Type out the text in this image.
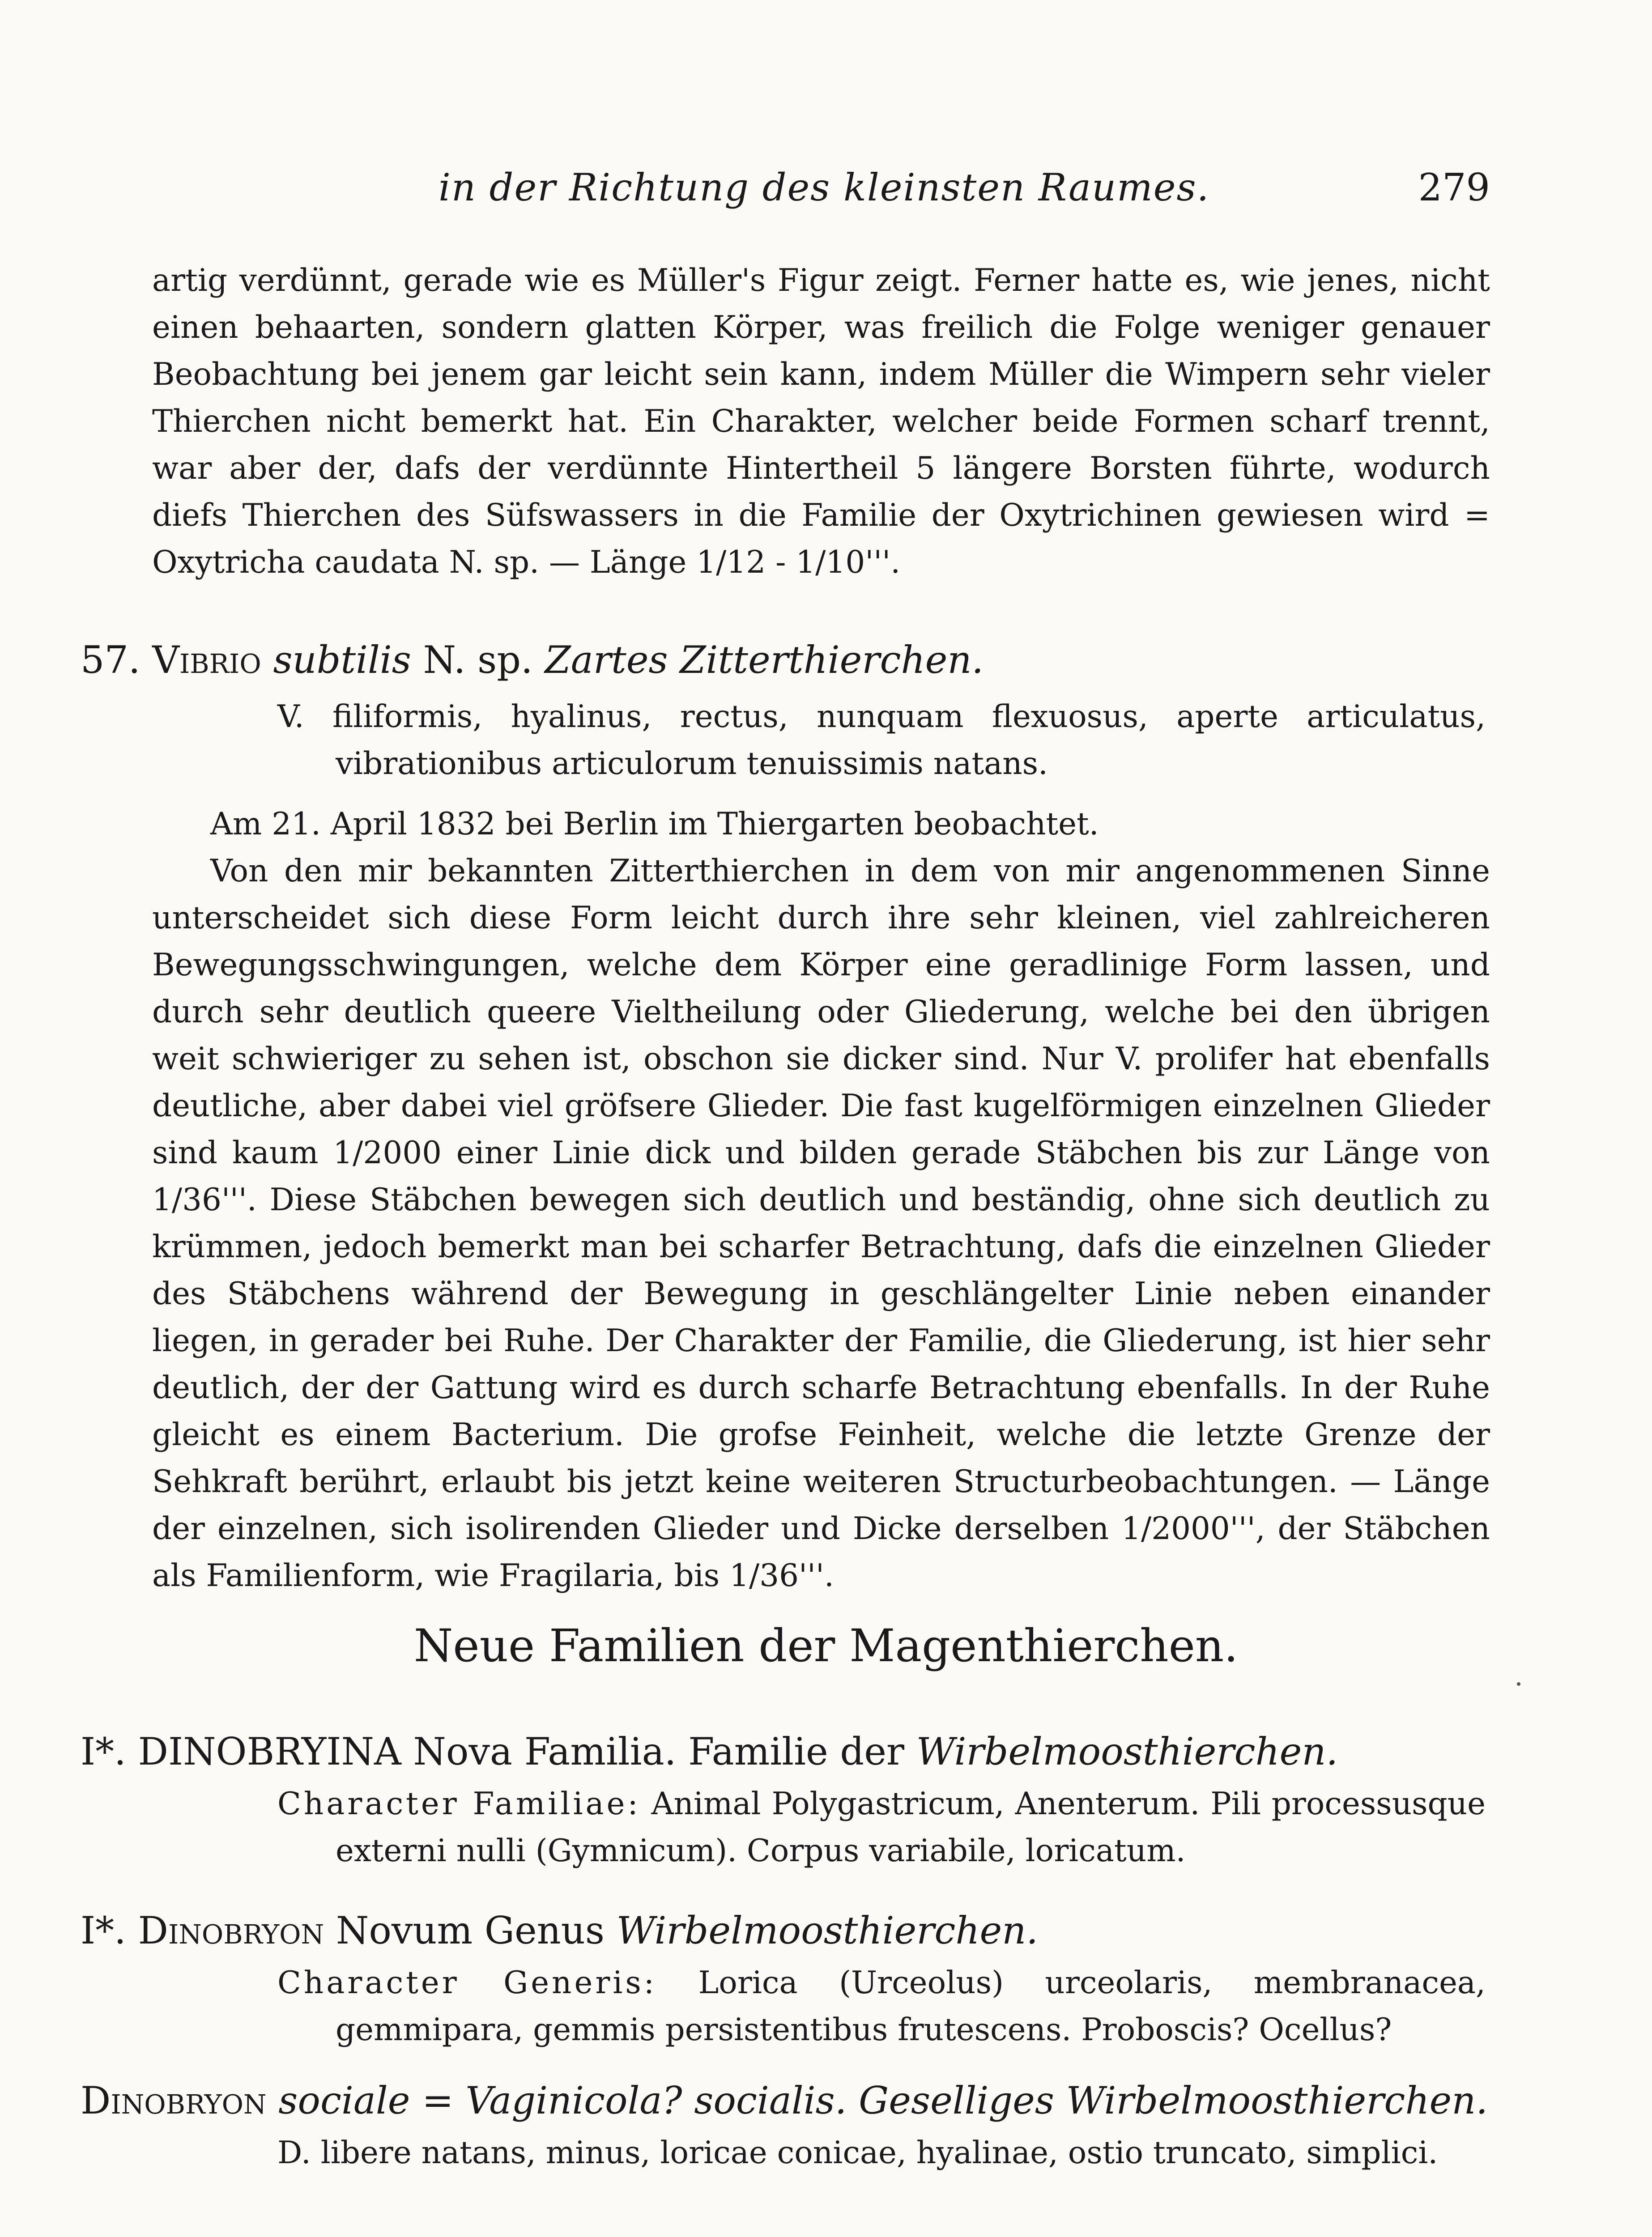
in der Richtung des kleinsten Raumes.	279

artig verdünnt, gerade wie es Müller's Figur zeigt. Ferner hatte es, wie jenes, nicht einen behaarten, sondern glatten Körper, was freilich die Folge weniger genauer Beobachtung bei jenem gar leicht sein kann, indem Müller die Wimpern sehr vieler Thierchen nicht bemerkt hat. Ein Charakter, welcher beide Formen scharf trennt, war aber der, dafs der verdünnte Hintertheil 5 längere Borsten führte, wodurch diefs Thierchen des Süfswassers in die Familie der Oxytrichinen gewiesen wird = Oxytricha caudata N. sp. — Länge 1/12 - 1/10'''.

57. Vibrio subtilis N. sp. Zartes Zitterthierchen.

V. filiformis, hyalinus, rectus, nunquam flexuosus, aperte articulatus, vibrationibus articulorum tenuissimis natans.

Am 21. April 1832 bei Berlin im Thiergarten beobachtet.

Von den mir bekannten Zitterthierchen in dem von mir angenommenen Sinne unterscheidet sich diese Form leicht durch ihre sehr kleinen, viel zahlreicheren Bewegungsschwingungen, welche dem Körper eine geradlinige Form lassen, und durch sehr deutlich queere Vieltheilung oder Gliederung, welche bei den übrigen weit schwieriger zu sehen ist, obschon sie dicker sind. Nur V. prolifer hat ebenfalls deutliche, aber dabei viel gröfsere Glieder. Die fast kugelförmigen einzelnen Glieder sind kaum 1/2000 einer Linie dick und bilden gerade Stäbchen bis zur Länge von 1/36'''. Diese Stäbchen bewegen sich deutlich und beständig, ohne sich deutlich zu krümmen, jedoch bemerkt man bei scharfer Betrachtung, dafs die einzelnen Glieder des Stäbchens während der Bewegung in geschlängelter Linie neben einander liegen, in gerader bei Ruhe. Der Charakter der Familie, die Gliederung, ist hier sehr deutlich, der der Gattung wird es durch scharfe Betrachtung ebenfalls. In der Ruhe gleicht es einem Bacterium. Die grofse Feinheit, welche die letzte Grenze der Sehkraft berührt, erlaubt bis jetzt keine weiteren Structurbeobachtungen. — Länge der einzelnen, sich isolirenden Glieder und Dicke derselben 1/2000''', der Stäbchen als Familienform, wie Fragilaria, bis 1/36'''.

Neue Familien der Magenthierchen.
I*. DINOBRYINA Nova Familia. Familie der Wirbelmoosthierchen.

Character Familiae: Animal Polygastricum, Anenterum. Pili processusque externi nulli (Gymnicum). Corpus variabile, loricatum.

I*. Dinobryon Novum Genus Wirbelmoosthierchen.

Character Generis: Lorica (Urceolus) urceolaris, membranacea, gemmipara, gemmis persistentibus frutescens. Proboscis? Ocellus?

Dinobryon sociale = Vaginicola? socialis. Geselliges Wirbelmoosthierchen.

D. libere natans, minus, loricae conicae, hyalinae, ostio truncato, simplici.
